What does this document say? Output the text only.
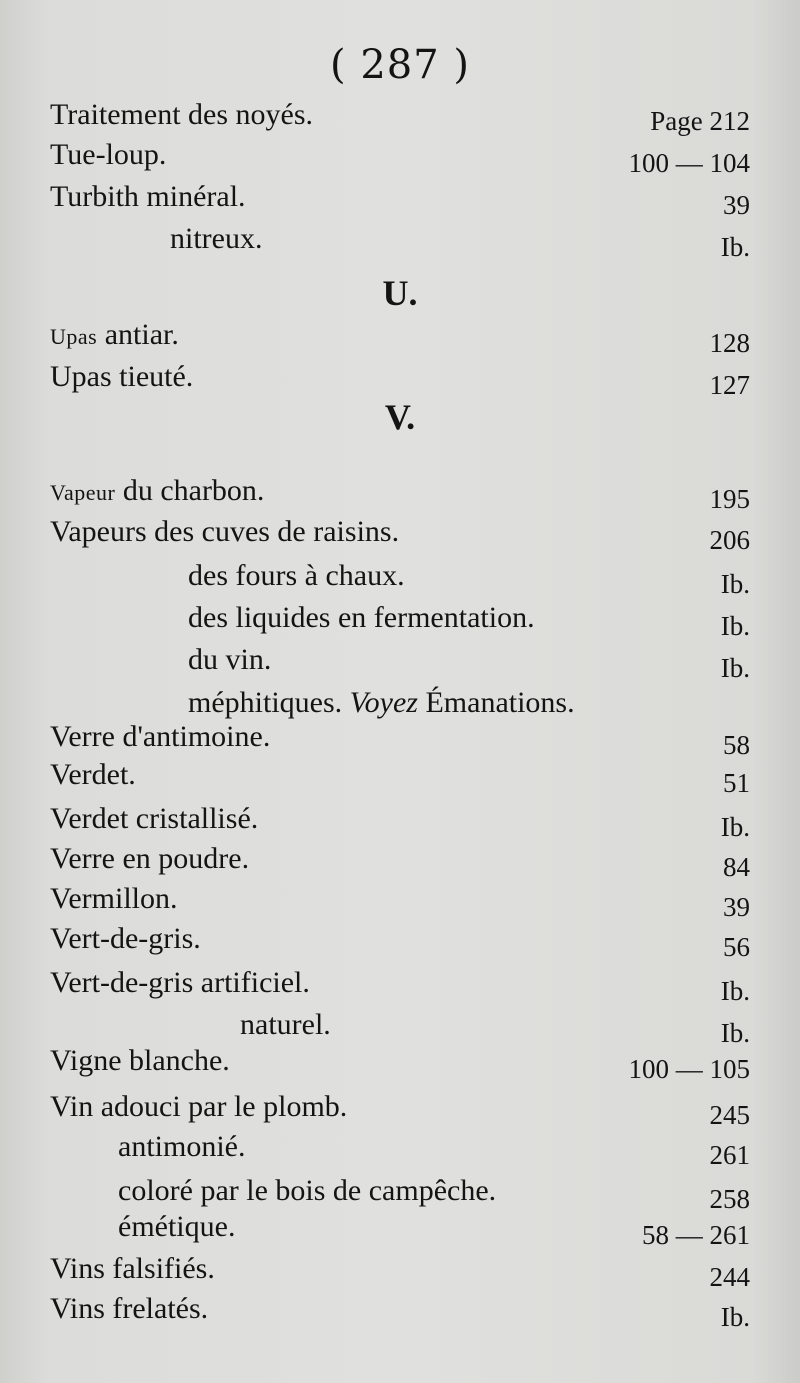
( 287 )
Traitement des noyés.	Page 212
Tue-loup.	100 — 104
Turbith minéral.	39
nitreux.	Ib.
U.
Upas antiar.	128
Upas tieuté.	127
V.
Vapeur du charbon.	195
Vapeurs des cuves de raisins.	206
des fours à chaux.	Ib.
des liquides en fermentation.	Ib.
du vin.	Ib.
méphitiques. Voyez Émanations.
Verre d'antimoine.	58
Verdet.	51
Verdet cristallisé.	Ib.
Verre en poudre.	84
Vermillon.	39
Vert-de-gris.	56
Vert-de-gris artificiel.	Ib.
naturel.	Ib.
Vigne blanche.	100 — 105
Vin adouci par le plomb.	245
antimonié.	261
coloré par le bois de campêche.	258
émétique.	58 — 261
Vins falsifiés.	244
Vins frelatés.	Ib.
